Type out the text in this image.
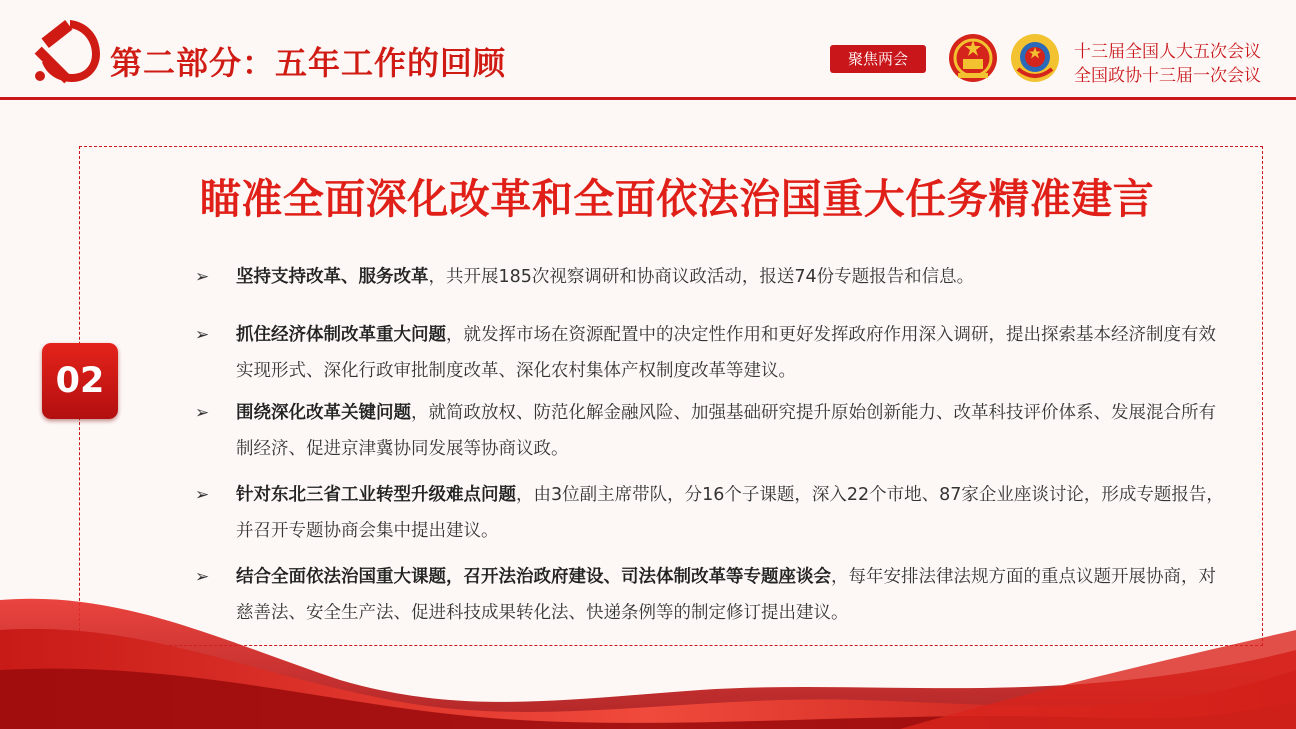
第二部分：五年工作的回顾	聚焦两会	十三届全国人大五次会议
全国政协十三届一次会议
02
瞄准全面深化改革和全面依法治国重大任务精准建言
➢ 坚持支持改革、服务改革，共开展185次视察调研和协商议政活动，报送74份专题报告和信息。
➢ 抓住经济体制改革重大问题，就发挥市场在资源配置中的决定性作用和更好发挥政府作用深入调研，提出探索基本经济制度有效实现形式、深化行政审批制度改革、深化农村集体产权制度改革等建议。
➢ 围绕深化改革关键问题，就简政放权、防范化解金融风险、加强基础研究提升原始创新能力、改革科技评价体系、发展混合所有制经济、促进京津冀协同发展等协商议政。
➢ 针对东北三省工业转型升级难点问题，由3位副主席带队，分16个子课题，深入22个市地、87家企业座谈讨论，形成专题报告，并召开专题协商会集中提出建议。
➢ 结合全面依法治国重大课题，召开法治政府建设、司法体制改革等专题座谈会，每年安排法律法规方面的重点议题开展协商，对慈善法、安全生产法、促进科技成果转化法、快递条例等的制定修订提出建议。
